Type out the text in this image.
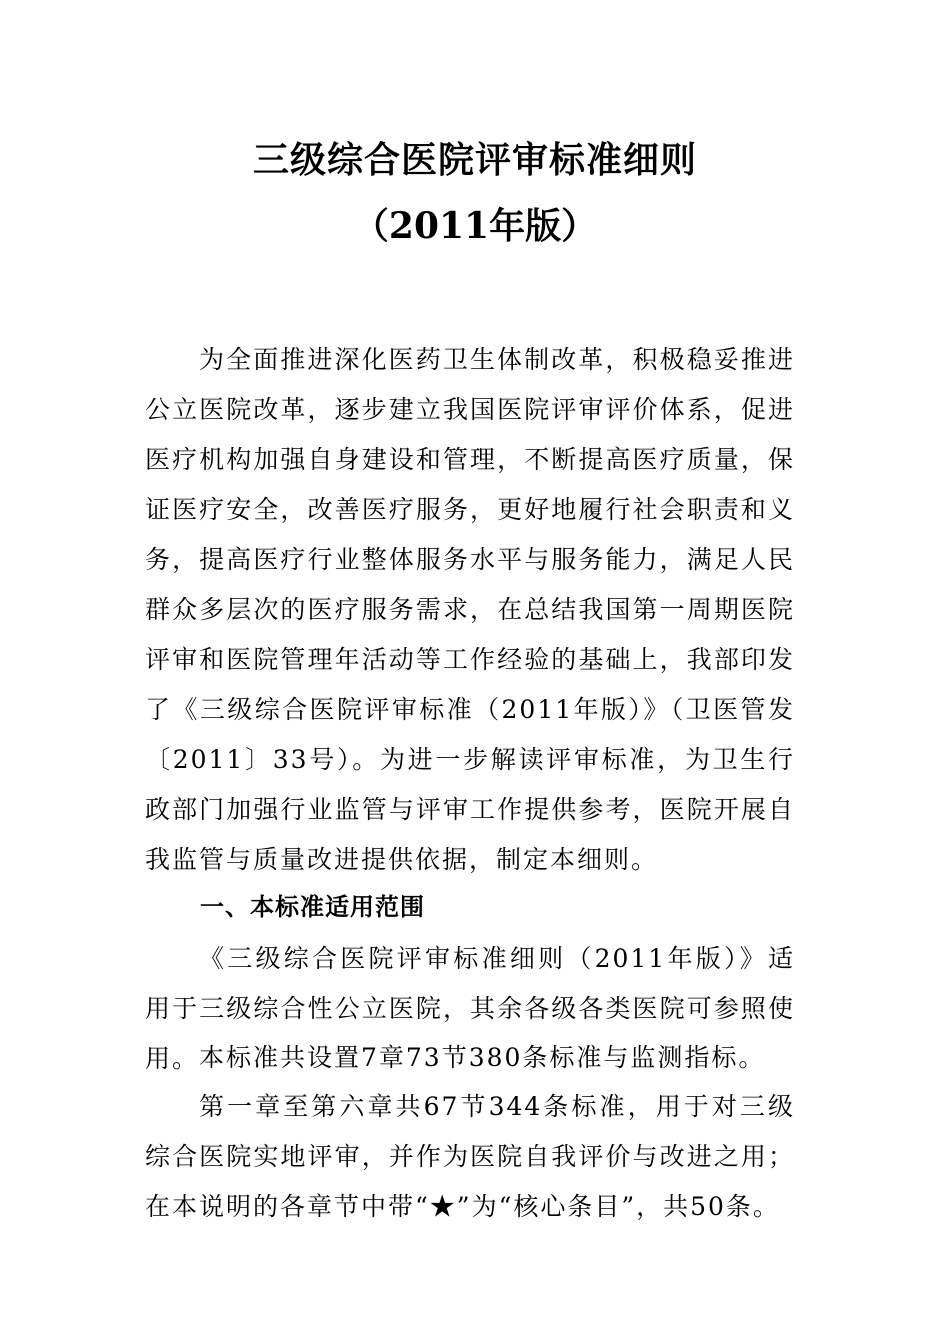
三级综合医院评审标准细则
（2011年版）

为全面推进深化医药卫生体制改革，积极稳妥推进公立医院改革，逐步建立我国医院评审评价体系，促进医疗机构加强自身建设和管理，不断提高医疗质量，保证医疗安全，改善医疗服务，更好地履行社会职责和义务，提高医疗行业整体服务水平与服务能力，满足人民群众多层次的医疗服务需求，在总结我国第一周期医院评审和医院管理年活动等工作经验的基础上，我部印发了《三级综合医院评审标准（2011年版）》（卫医管发〔2011〕33号）。为进一步解读评审标准，为卫生行政部门加强行业监管与评审工作提供参考，医院开展自我监管与质量改进提供依据，制定本细则。

一、本标准适用范围

《三级综合医院评审标准细则（2011年版）》适用于三级综合性公立医院，其余各级各类医院可参照使用。 本标准共设置7章73节380条标准与监测指标。

第一章至第六章共67节344条标准，用于对三级综合医院实地评审，并作为医院自我评价与改进之用；在本说明的各章节中带“★”为“核心条目”，共50条。
